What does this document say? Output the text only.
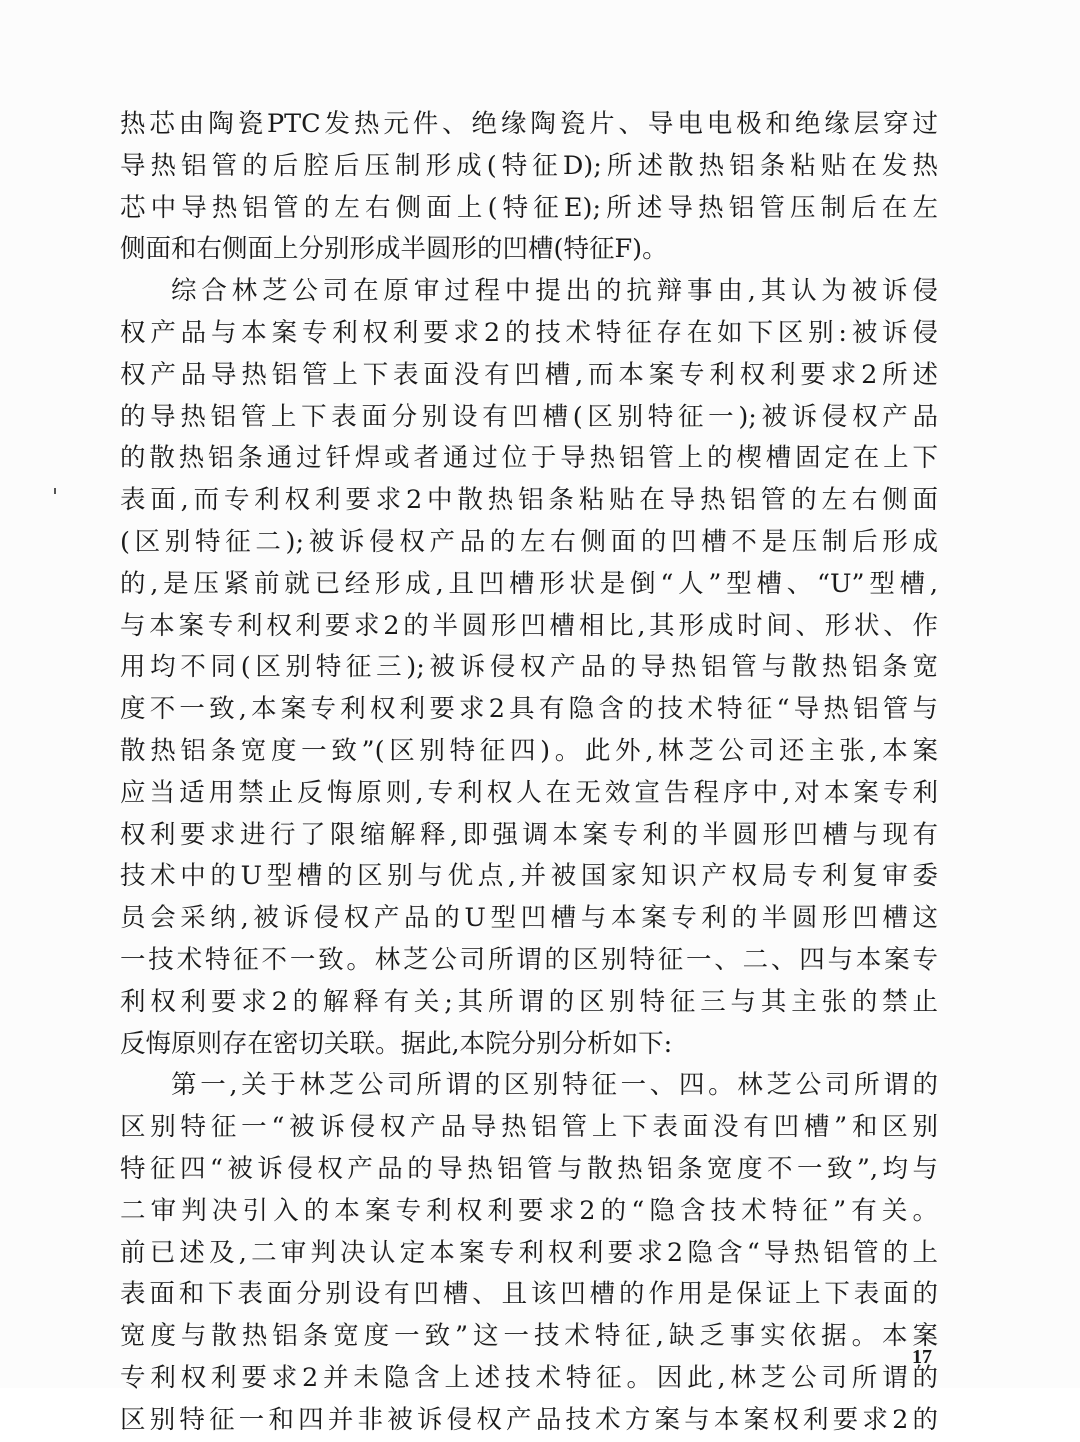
热芯由陶瓷PTC发热元件、绝缘陶瓷片、导电电极和绝缘层穿过
导热铝管的后腔后压制形成(特征D);所述散热铝条粘贴在发热
芯中导热铝管的左右侧面上(特征E);所述导热铝管压制后在左
侧面和右侧面上分别形成半圆形的凹槽(特征F)。
综合林芝公司在原审过程中提出的抗辩事由,其认为被诉侵
权产品与本案专利权利要求2的技术特征存在如下区别:被诉侵
权产品导热铝管上下表面没有凹槽,而本案专利权利要求2所述
的导热铝管上下表面分别设有凹槽(区别特征一);被诉侵权产品
的散热铝条通过钎焊或者通过位于导热铝管上的楔槽固定在上下
表面,而专利权利要求2中散热铝条粘贴在导热铝管的左右侧面
(区别特征二);被诉侵权产品的左右侧面的凹槽不是压制后形成
的,是压紧前就已经形成,且凹槽形状是倒“人”型槽、“U”型槽,
与本案专利权利要求2的半圆形凹槽相比,其形成时间、形状、作
用均不同(区别特征三);被诉侵权产品的导热铝管与散热铝条宽
度不一致,本案专利权利要求2具有隐含的技术特征“导热铝管与
散热铝条宽度一致”(区别特征四)。此外,林芝公司还主张,本案
应当适用禁止反悔原则,专利权人在无效宣告程序中,对本案专利
权利要求进行了限缩解释,即强调本案专利的半圆形凹槽与现有
技术中的U型槽的区别与优点,并被国家知识产权局专利复审委
员会采纳,被诉侵权产品的U型凹槽与本案专利的半圆形凹槽这
一技术特征不一致。林芝公司所谓的区别特征一、二、四与本案专
利权利要求2的解释有关;其所谓的区别特征三与其主张的禁止
反悔原则存在密切关联。据此,本院分别分析如下:
第一,关于林芝公司所谓的区别特征一、四。林芝公司所谓的
区别特征一“被诉侵权产品导热铝管上下表面没有凹槽”和区别
特征四“被诉侵权产品的导热铝管与散热铝条宽度不一致”,均与
二审判决引入的本案专利权利要求2的“隐含技术特征”有关。
前已述及,二审判决认定本案专利权利要求2隐含“导热铝管的上
表面和下表面分别设有凹槽、且该凹槽的作用是保证上下表面的
宽度与散热铝条宽度一致”这一技术特征,缺乏事实依据。本案
专利权利要求2并未隐含上述技术特征。因此,林芝公司所谓的
区别特征一和四并非被诉侵权产品技术方案与本案权利要求2的
17
